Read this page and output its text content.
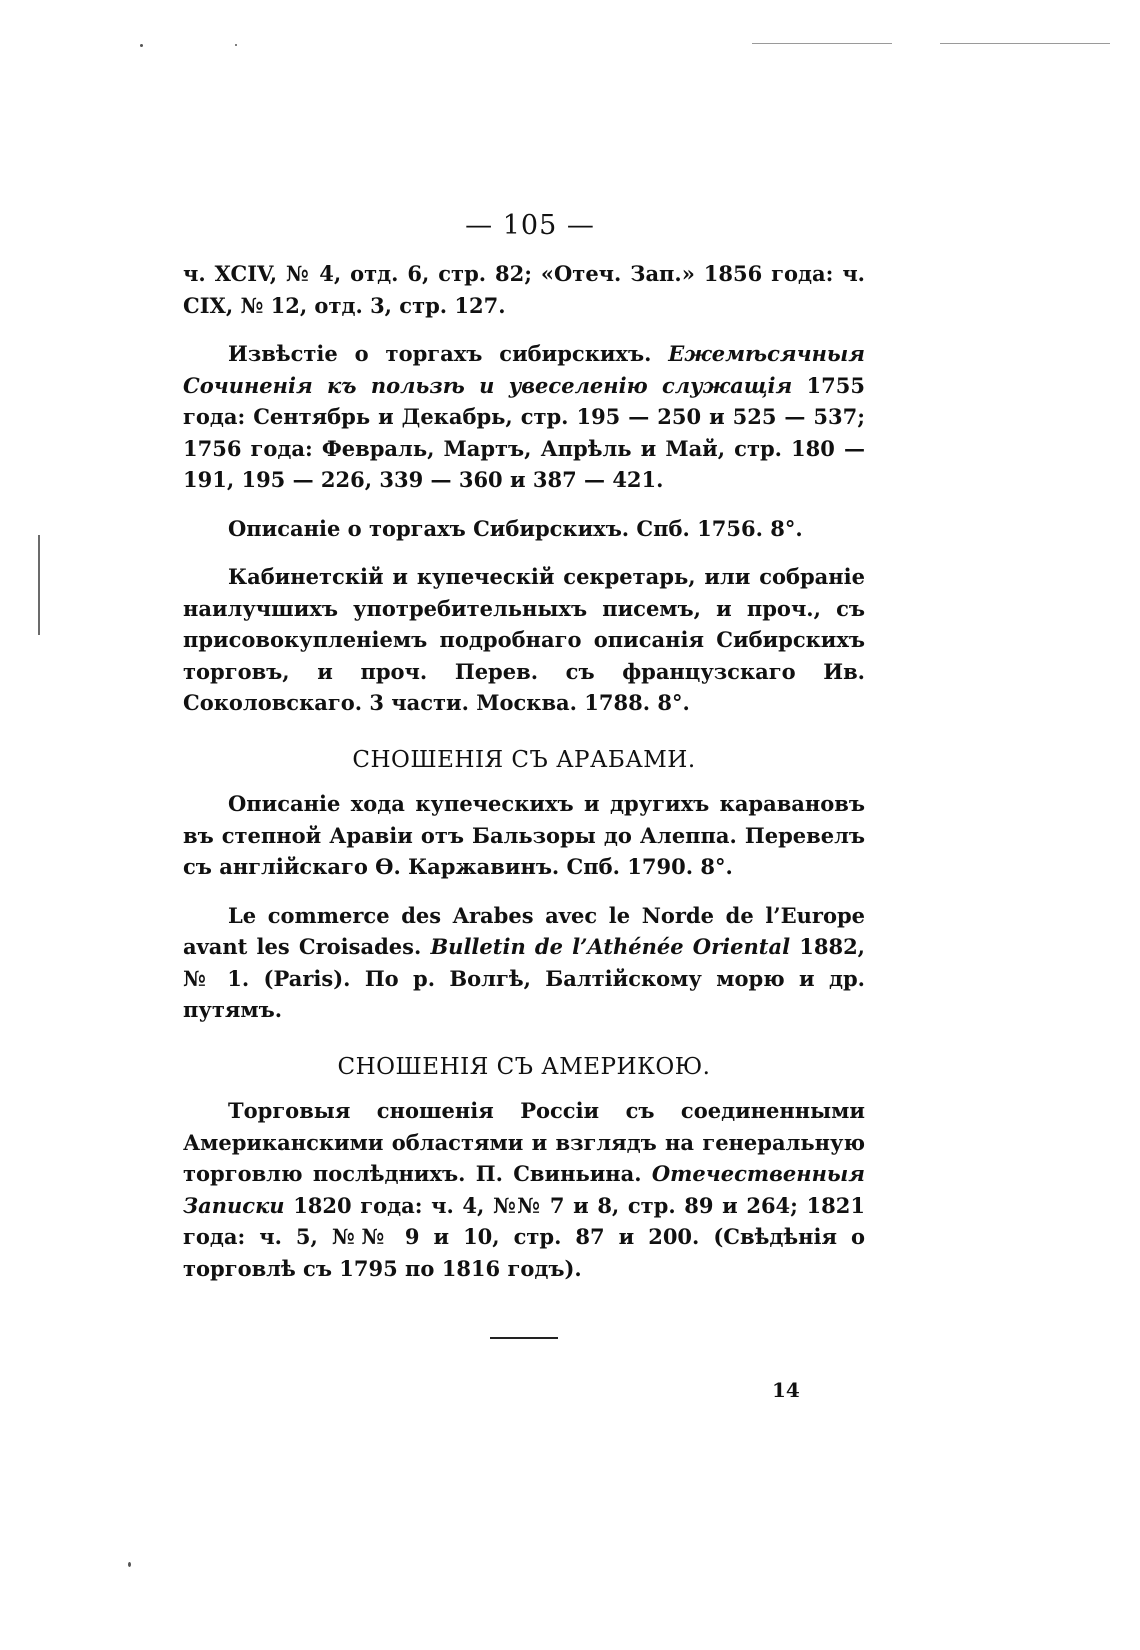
— 105 —

ч. XCIV, № 4, отд. 6, стр. 82; «Отеч. Зап.» 1856 года: ч. CIX, № 12, отд. 3, стр. 127.

Извѣстіе о торгахъ сибирскихъ. Ежемѣсячныя Сочиненія къ пользѣ и увеселенію служащія 1755 года: Сентябрь и Декабрь, стр. 195 — 250 и 525 — 537; 1756 года: Февраль, Мартъ, Апрѣль и Май, стр. 180 — 191, 195 — 226, 339 — 360 и 387 — 421.

Описаніе о торгахъ Сибирскихъ. Спб. 1756. 8°.

Кабинетскій и купеческій секретарь, или собраніе наилучшихъ употребительныхъ писемъ, и проч., съ присовокупленіемъ подробнаго описанія Сибирскихъ торговъ, и проч. Перев. съ французскаго Ив. Соколовскаго. 3 части. Москва. 1788. 8°.

СНОШЕНІЯ СЪ АРАБАМИ.

Описаніе хода купеческихъ и другихъ каравановъ въ степной Аравіи отъ Бальзоры до Алеппа. Перевелъ съ англійскаго Ѳ. Каржавинъ. Спб. 1790. 8°.

Le commerce des Arabes avec le Norde de l’Europe avant les Croisades. Bulletin de l’Athénée Oriental 1882, № 1. (Paris). По р. Волгѣ, Балтійскому морю и др. путямъ.

СНОШЕНІЯ СЪ АМЕРИКОЮ.

Торговыя сношенія Россіи съ соединенными Американскими областями и взглядъ на генеральную торговлю послѣднихъ. П. Свиньина. Отечественныя Записки 1820 года: ч. 4, №№ 7 и 8, стр. 89 и 264; 1821 года: ч. 5, №№ 9 и 10, стр. 87 и 200. (Свѣдѣнія о торговлѣ съ 1795 по 1816 годъ).

14
